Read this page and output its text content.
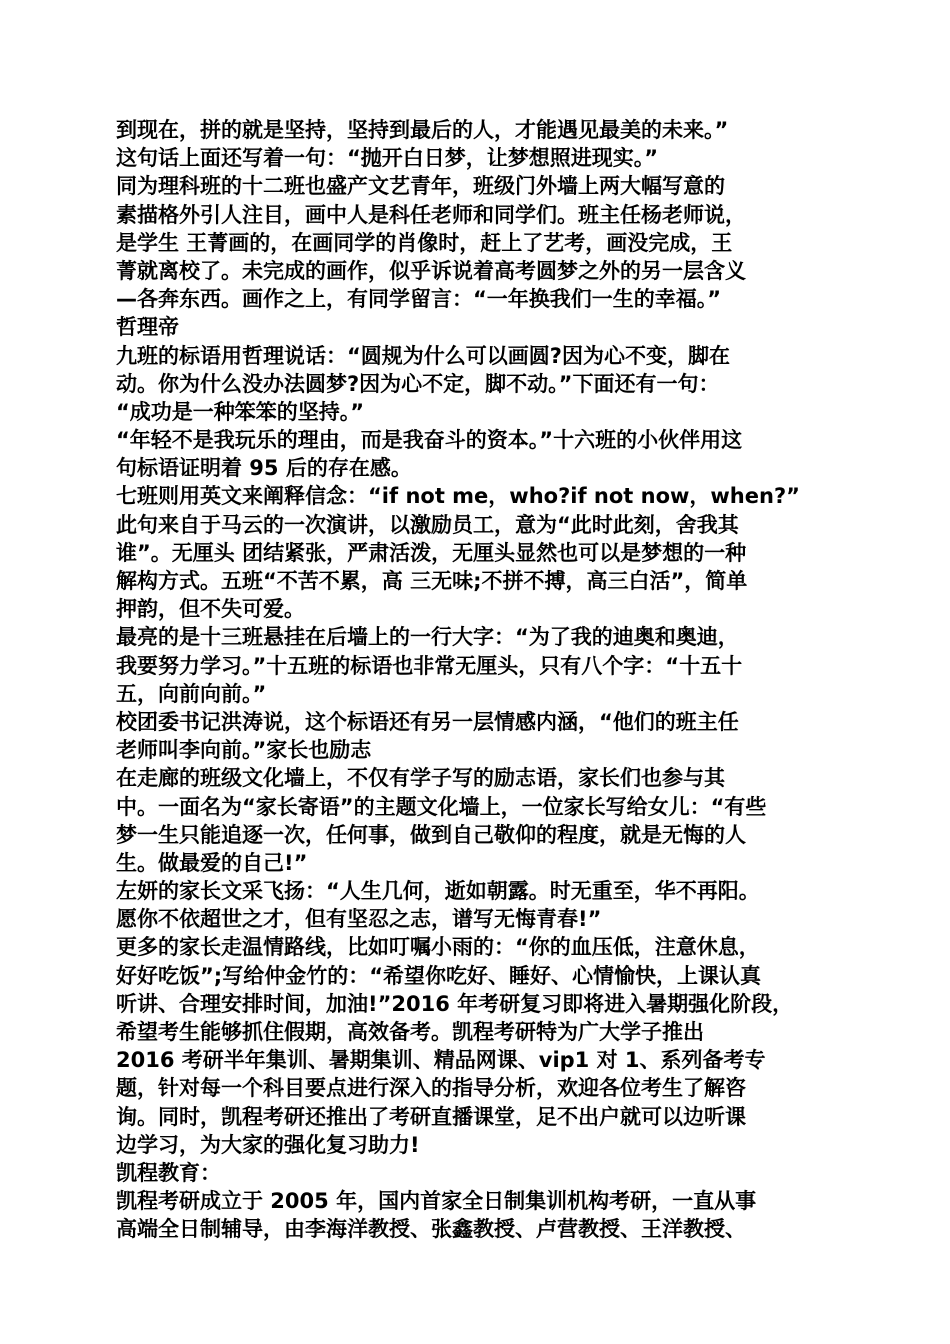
到现在，拼的就是坚持，坚持到最后的人，才能遇见最美的未来。”
这句话上面还写着一句：“抛开白日梦，让梦想照进现实。”
同为理科班的十二班也盛产文艺青年，班级门外墙上两大幅写意的
素描格外引人注目，画中人是科任老师和同学们。班主任杨老师说，
是学生 王菁画的，在画同学的肖像时，赶上了艺考，画没完成，王
菁就离校了。未完成的画作，似乎诉说着高考圆梦之外的另一层含义
—各奔东西。画作之上，有同学留言：“一年换我们一生的幸福。”
哲理帝
九班的标语用哲理说话：“圆规为什么可以画圆?因为心不变，脚在
动。你为什么没办法圆梦?因为心不定，脚不动。”下面还有一句：
“成功是一种笨笨的坚持。”
“年轻不是我玩乐的理由，而是我奋斗的资本。”十六班的小伙伴用这
句标语证明着 95 后的存在感。
七班则用英文来阐释信念：“if not me，who?if not now，when?”
此句来自于马云的一次演讲，以激励员工，意为“此时此刻，舍我其
谁”。无厘头 团结紧张，严肃活泼，无厘头显然也可以是梦想的一种
解构方式。五班“不苦不累，高 三无味;不拼不搏，高三白活”，简单
押韵，但不失可爱。
最亮的是十三班悬挂在后墙上的一行大字：“为了我的迪奥和奥迪，
我要努力学习。”十五班的标语也非常无厘头，只有八个字：“十五十
五，向前向前。”
校团委书记洪涛说，这个标语还有另一层情感内涵，“他们的班主任
老师叫李向前。”家长也励志
在走廊的班级文化墙上，不仅有学子写的励志语，家长们也参与其
中。一面名为“家长寄语”的主题文化墙上，一位家长写给女儿：“有些
梦一生只能追逐一次，任何事，做到自己敬仰的程度，就是无悔的人
生。做最爱的自己!”
左妍的家长文采飞扬：“人生几何，逝如朝露。时无重至，华不再阳。
愿你不依超世之才，但有坚忍之志，谱写无悔青春!”
更多的家长走温情路线，比如叮嘱小雨的：“你的血压低，注意休息，
好好吃饭”;写给仲金竹的：“希望你吃好、睡好、心情愉快，上课认真
听讲、合理安排时间，加油!”2016 年考研复习即将进入暑期强化阶段，
希望考生能够抓住假期，高效备考。凯程考研特为广大学子推出
2016 考研半年集训、暑期集训、精品网课、vip1 对 1、系列备考专
题，针对每一个科目要点进行深入的指导分析，欢迎各位考生了解咨
询。同时，凯程考研还推出了考研直播课堂，足不出户就可以边听课
边学习，为大家的强化复习助力!
凯程教育：
凯程考研成立于 2005 年，国内首家全日制集训机构考研，一直从事
高端全日制辅导，由李海洋教授、张鑫教授、卢营教授、王洋教授、
